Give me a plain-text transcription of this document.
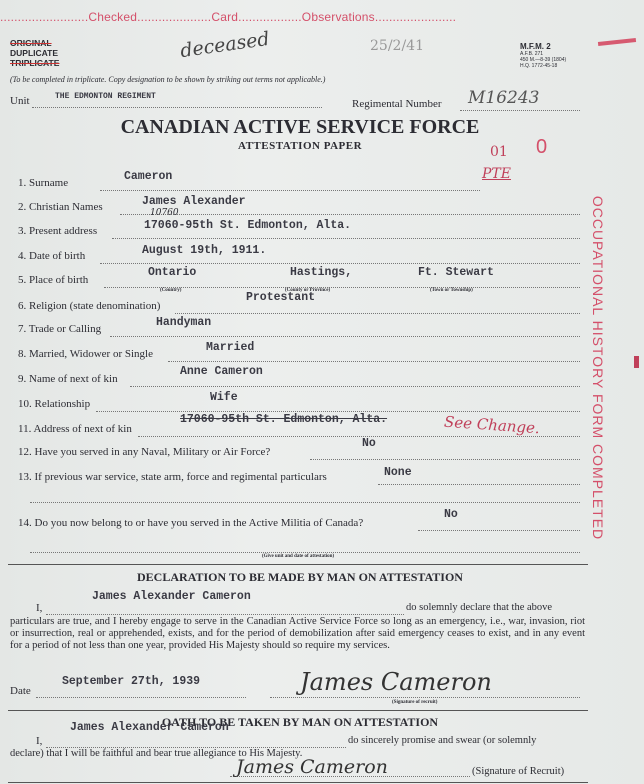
.........................Checked.....................Card..................Observations.......................
ORIGINAL
DUPLICATE
TRIPLICATE
deceased	25/2/41	M.F.M. 2
A.F.B. 271
450 M.—8-39 (1804)
H.Q. 1772-45-18
(To be completed in triplicate. Copy designation to be shown by striking out terms not applicable.)
Unit	THE EDMONTON REGIMENT
Regimental Number M16243
CANADIAN ACTIVE SERVICE FORCE
ATTESTATION PAPER	01
PTE
0
1. Surname	Cameron
2. Christian Names	James Alexander
3. Present address
10760
17060-95th St. Edmonton, Alta.
4. Date of birth	August 19th, 1911.
5. Place of birth
Ontario	Hastings,	Ft. Stewart
(Country)	(County or Province)	(Town or Township)
6. Religion (state denomination)
Protestant
7. Trade or Calling	Handyman
8. Married, Widower or Single	Married
9. Name of next of kin
Anne Cameron
10. Relationship	Wife
11. Address of next of kin
17060-95th St. Edmonton, Alta.	See Change.
12. Have you served in any Naval, Military or Air Force?
No
13. If previous war service, state arm, force and regimental particulars	None
14. Do you now belong to or have you served in the Active Militia of Canada?
No
(Give unit and date of attestation)
DECLARATION TO BE MADE BY MAN ON ATTESTATION
I,
James Alexander Cameron
do solemnly declare that the above
particulars are true, and I hereby engage to serve in the Canadian Active Service Force so long as an emergency, i.e., war, invasion, riot or insurrection, real or apprehended, exists, and for the period of demobilization after said emergency ceases to exist, and in any event for a period of not less than one year, provided His Majesty should so require my services.
Date
September 27th, 1939	James Cameron
(Signature of recruit)
OATH TO BE TAKEN BY MAN ON ATTESTATION
I,
James Alexander Cameron
do sincerely promise and swear (or solemnly
declare) that I will be faithful and bear true allegiance to His Majesty.
James Cameron	(Signature of Recruit)
OCCUPATIONAL HISTORY FORM COMPLETED
